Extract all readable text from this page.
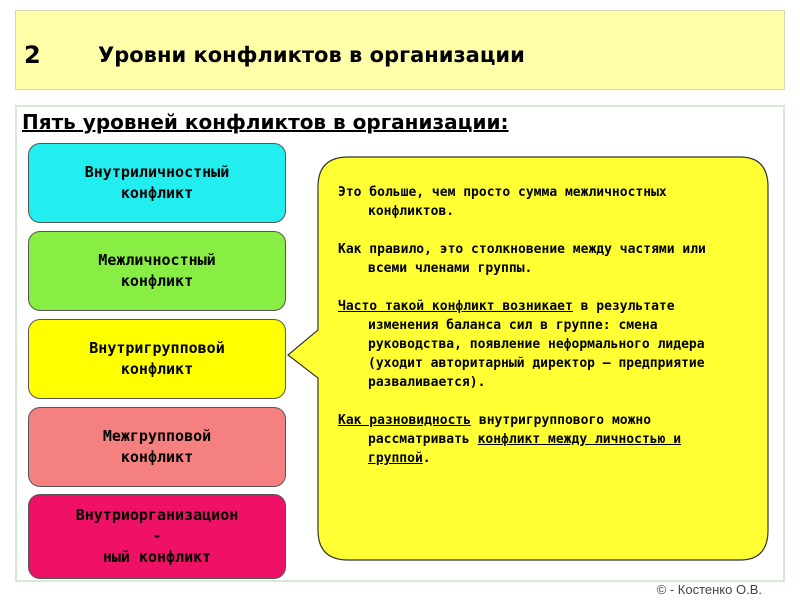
2	Уровни конфликтов в организации
Пять уровней конфликтов в организации:
Внутриличностный
конфликт
Межличностный
конфликт
Внутригрупповой
конфликт
Межгрупповой
конфликт
Внутриорганизацион
-
ный конфликт

Это больше, чем просто сумма межличностных конфликтов.

Как правило, это столкновение между частями или всеми членами группы.

Часто такой конфликт возникает в результате изменения баланса сил в группе: смена руководства, появление неформального лидера (уходит авторитарный директор – предприятие разваливается).

Как разновидность внутригруппового можно рассматривать конфликт между личностью и группой.

© - Костенко О.В.
